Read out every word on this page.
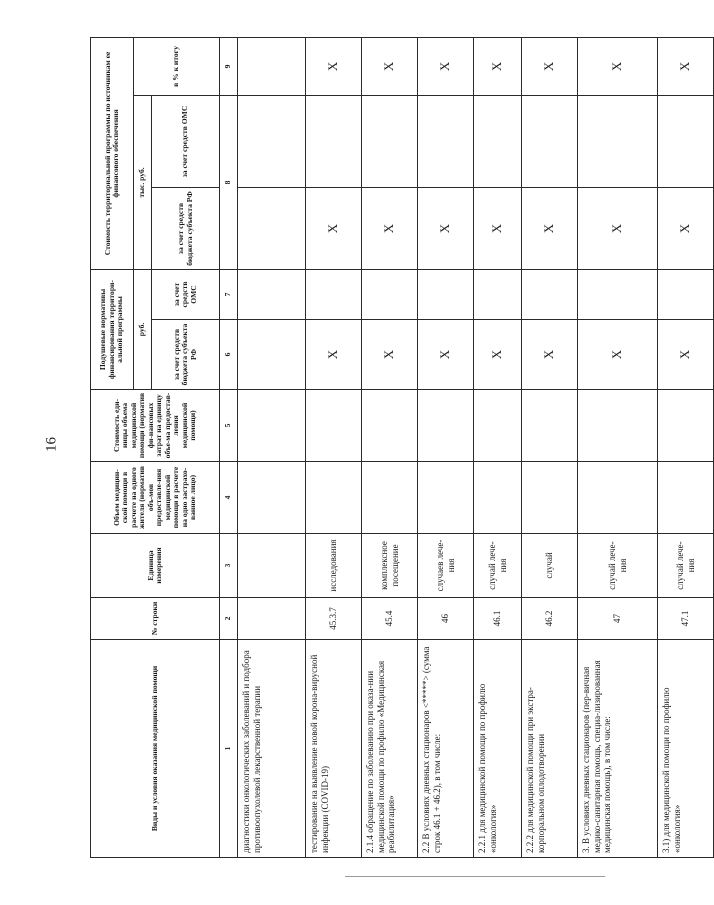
16
Виды и условия оказания медицинской помощи	№ строки	Единица измерения	Объем медицин-ской помощи в расчете на одного жителя (норматив объ-мов предоставле-ния медицинской помощи в расчете на одно застрахо-ванное лицо)	Стоимость еди-ницы объема медицинской помощи (норматив фи-нансовых затрат на единицу объе-ма предостав-ления медицинской помощи)	Подушевые нормативы финансирования территори-альной программы		Стоимость территориальной программы по источникам ее финансового обеспечения		
					руб.		тыс. руб.		в % к итогу
					за счет средств бюджета субъекта РФ	за счет средств ОМС	за счет средств бюджета субъекта РФ	за счет средств ОМС	
1	2	3	4	5	6	7	8		9
диагностики онкологических заболеваний и подбора противоопухолевой лекарственной терапии									
тестирование на выявление новой корона-вирусной инфекции (COVID-19)	45.3.7	исследования			X		X		X
2.1.4 обращение по заболеванию при оказа-нии медицинской помощи по профилю «Медицинская реабилитация»	45.4	комплексное посещение			X		X		X
2.2 В условиях дневных стационаров <*****> (сумма строк 46.1 + 46.2), в том числе:	46	случаев лече-ния			X		X		X
2.2.1 для медицинской помощи по профилю «онкология»	46.1	случай лече-ния			X		X		X
2.2.2 для медицинской помощи при экстра-корпоральном оплодотворении	46.2	случай			X		X		X
3. В условиях дневных стационаров (пер-вичная медико-санитарная помощь, специа-лизированная медицинская помощь), в том числе:	47	случай лече-ния			X		X		X
3.1) для медицинской помощи по профилю «онкология»	47.1	случай лече-ния			X		X		X
